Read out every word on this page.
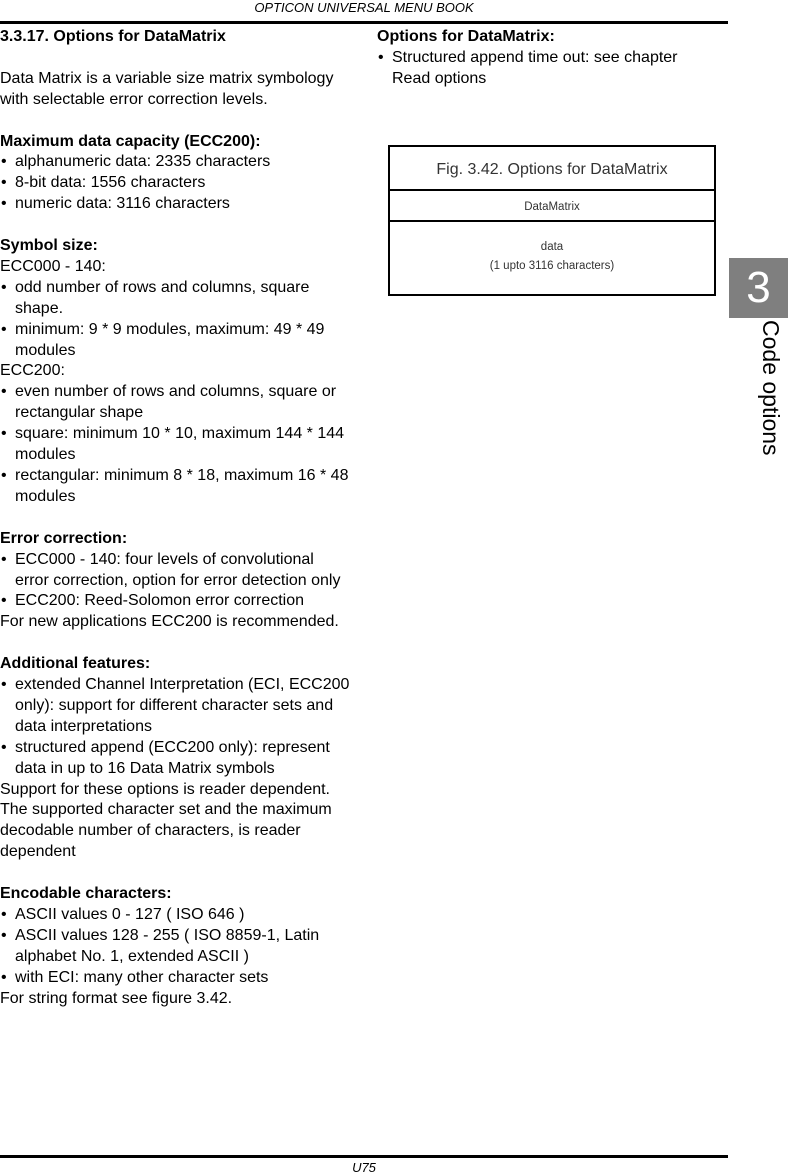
OPTICON UNIVERSAL MENU BOOK
3.3.17. Options for DataMatrix
Data Matrix is a variable size matrix symbology with selectable error correction levels.
Maximum data capacity (ECC200):
• alphanumeric data: 2335 characters
• 8-bit data: 1556 characters
• numeric data: 3116 characters
Symbol size:
ECC000 - 140:
• odd number of rows and columns, square shape.
• minimum: 9 * 9 modules, maximum: 49 * 49 modules
ECC200:
• even number of rows and columns, square or rectangular shape
• square: minimum 10 * 10, maximum 144 * 144 modules
• rectangular: minimum 8 * 18, maximum 16 * 48 modules
Error correction:
• ECC000 - 140: four levels of convolutional error correction, option for error detection only
• ECC200: Reed-Solomon error correction
For new applications ECC200 is recommended.
Additional features:
• extended Channel Interpretation (ECI, ECC200 only): support for different character sets and data interpretations
• structured append (ECC200 only): represent data in up to 16 Data Matrix symbols
Support for these options is reader dependent. The supported character set and the maximum decodable number of characters, is reader dependent
Encodable characters:
• ASCII values 0 - 127 ( ISO 646 )
• ASCII values 128 - 255 ( ISO 8859-1, Latin alphabet No. 1, extended ASCII )
• with ECI: many other character sets
For string format see figure 3.42.
Options for DataMatrix:
• Structured append time out: see chapter Read options
Fig. 3.42. Options for DataMatrix
DataMatrix
data
(1 upto 3116 characters)	3
Code options
U75
